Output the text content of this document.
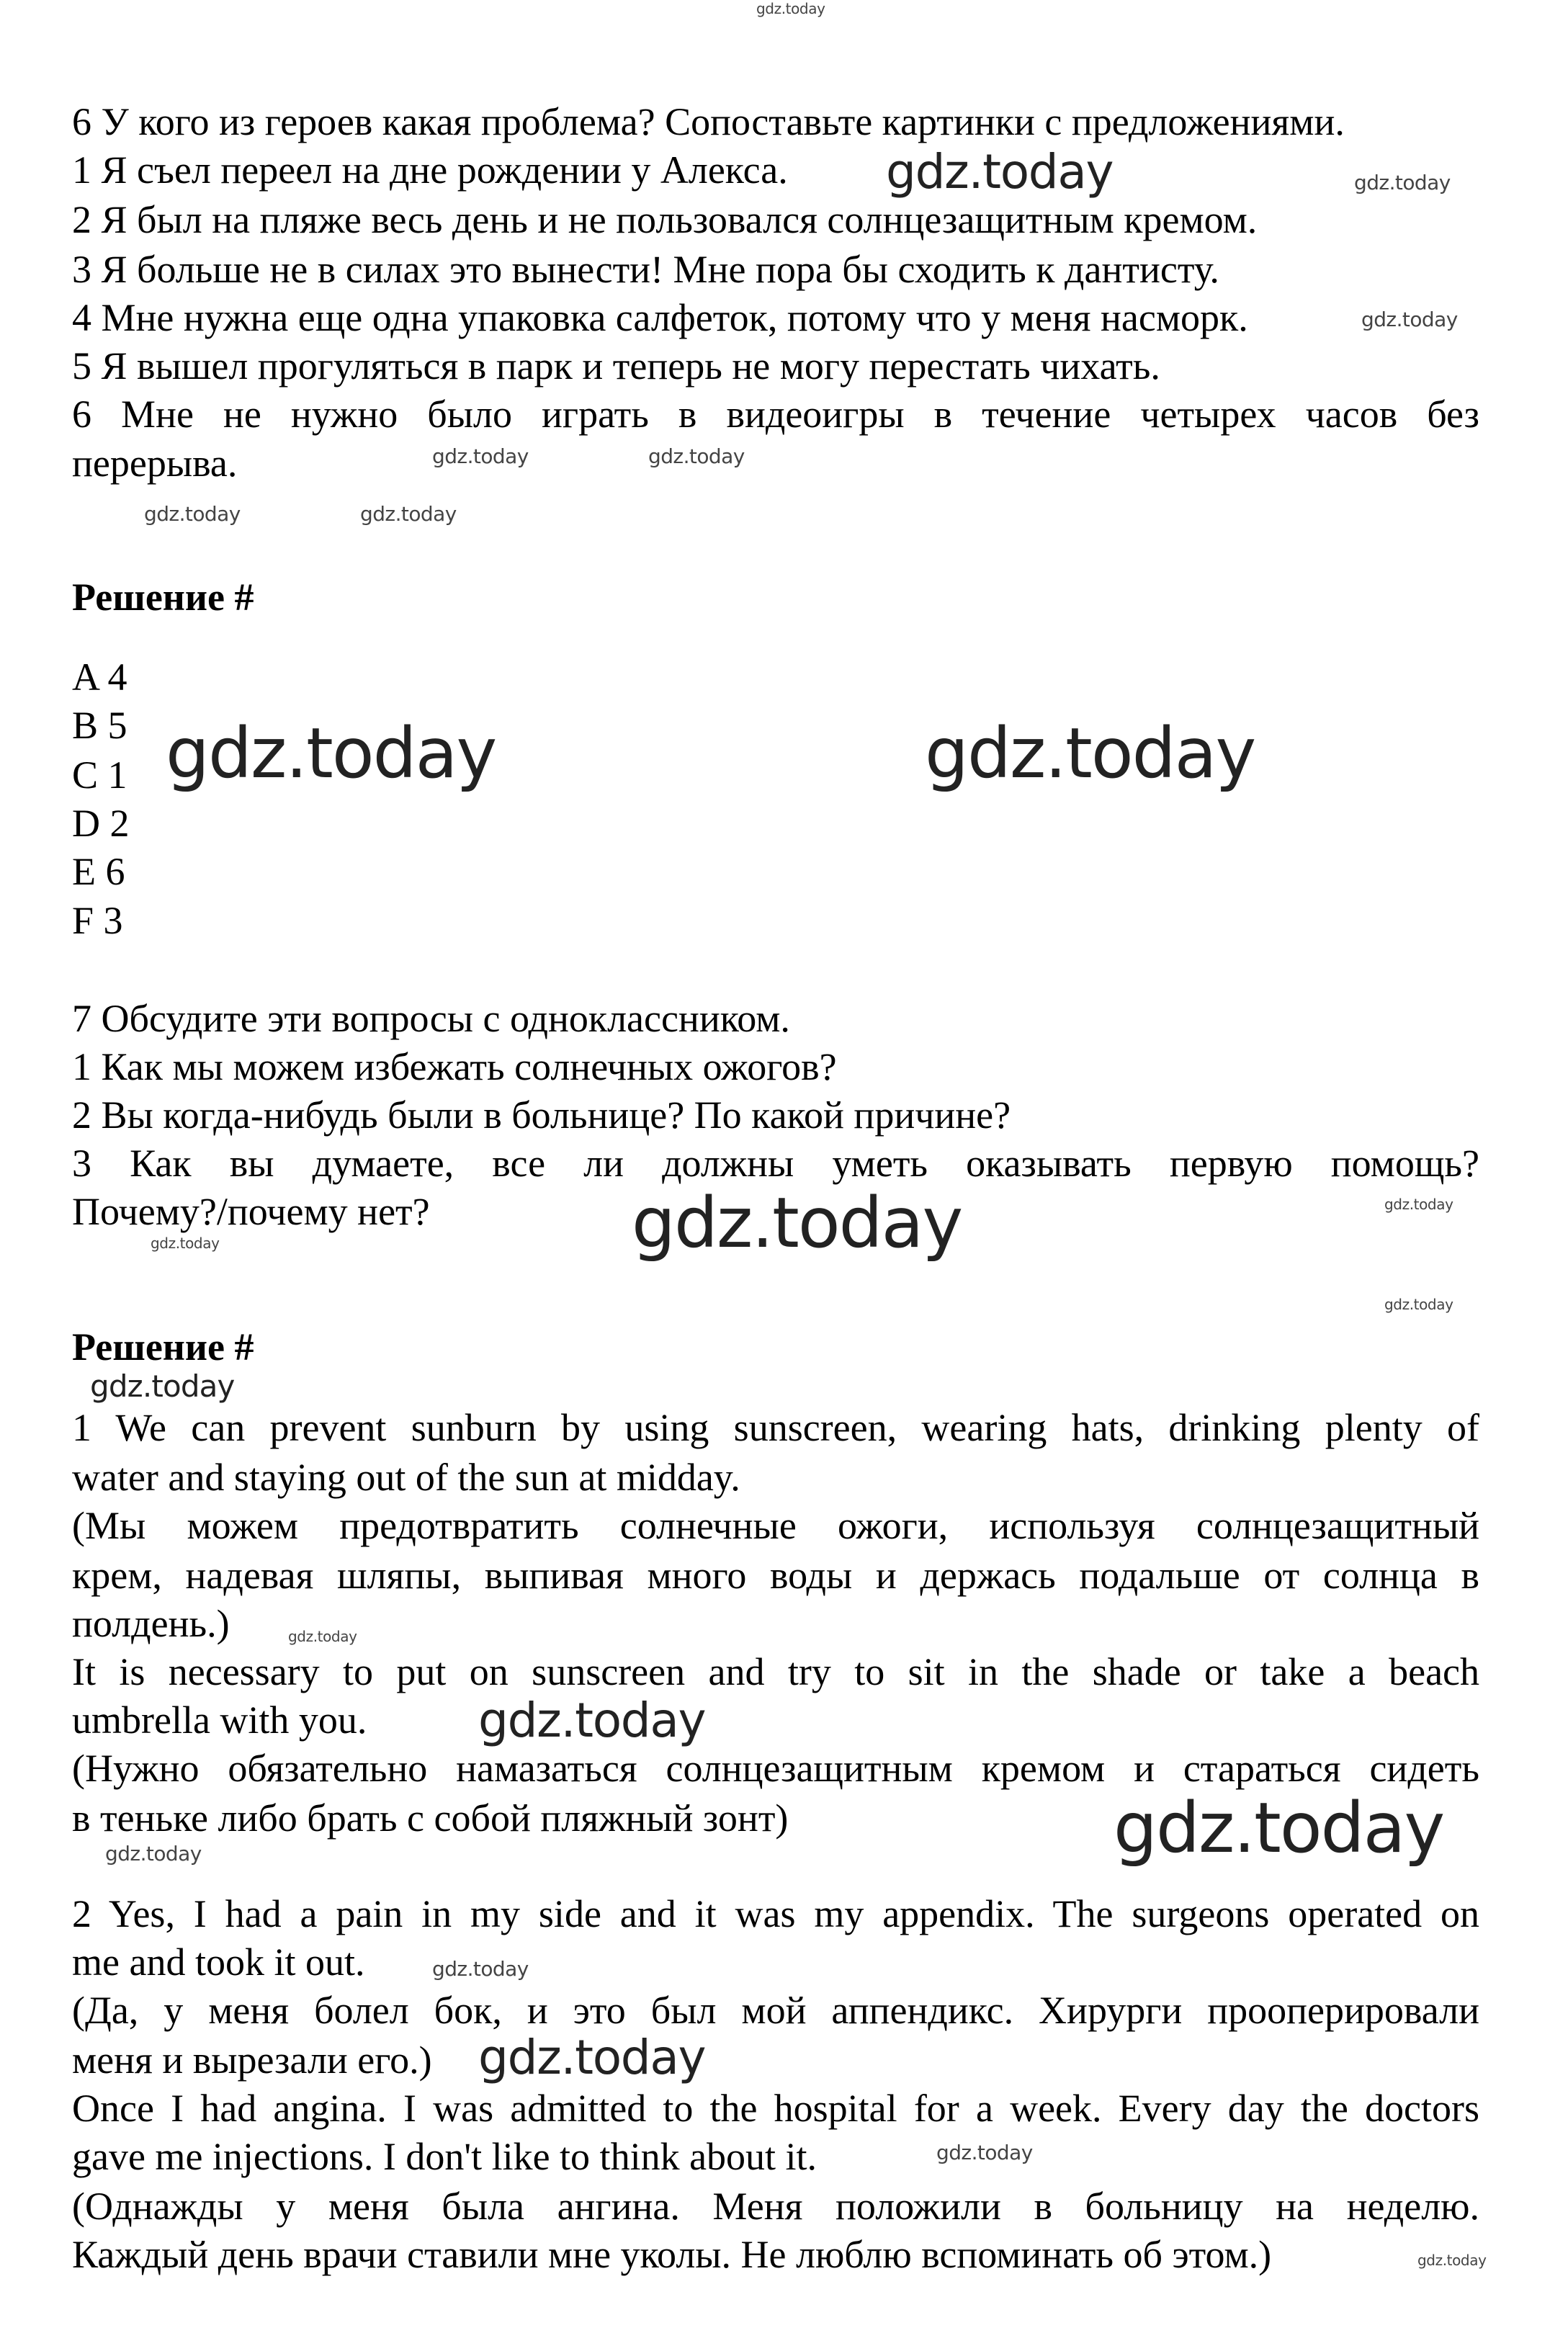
6 У кого из героев какая проблема? Сопоставьте картинки с предложениями.
1 Я съел переел на дне рождении у Алекса.
2 Я был на пляже весь день и не пользовался солнцезащитным кремом.
3 Я больше не в силах это вынести! Мне пора бы сходить к дантисту.
4 Мне нужна еще одна упаковка салфеток, потому что у меня насморк.
5 Я вышел прогуляться в парк и теперь не могу перестать чихать.
6 Мне не нужно было играть в видеоигры в течение четырех часов без
перерыва.
Решение #
A 4
B 5
C 1
D 2
E 6
F 3
7 Обсудите эти вопросы с одноклассником.
1 Как мы можем избежать солнечных ожогов?
2 Вы когда-нибудь были в больнице? По какой причине?
3 Как вы думаете, все ли должны уметь оказывать первую помощь?
Почему?/почему нет?
Решение #
1 We can prevent sunburn by using sunscreen, wearing hats, drinking plenty of
water and staying out of the sun at midday.
(Мы можем предотвратить солнечные ожоги, используя солнцезащитный
крем, надевая шляпы, выпивая много воды и держась подальше от солнца в
полдень.)
It is necessary to put on sunscreen and try to sit in the shade or take a beach
umbrella with you.
(Нужно обязательно намазаться солнцезащитным кремом и стараться сидеть
в теньке либо брать с собой пляжный зонт)
2 Yes, I had a pain in my side and it was my appendix. The surgeons operated on
me and took it out.
(Да, у меня болел бок, и это был мой аппендикс. Хирурги прооперировали
меня и вырезали его.)
Once I had angina. I was admitted to the hospital for a week. Every day the doctors
gave me injections. I don't like to think about it.
(Однажды у меня была ангина. Меня положили в больницу на неделю.
Каждый день врачи ставили мне уколы. Не люблю вспоминать об этом.)
gdz.today
gdz.today	gdz.today
gdz.today	gdz.today
gdz.today	gdz.today
gdz.today
gdz.today	gdz.today
gdz.today	gdz.today	gdz.today
gdz.today
gdz.today
gdz.today
gdz.today
gdz.today
gdz.today
gdz.today
gdz.today
gdz.today
gdz.today
